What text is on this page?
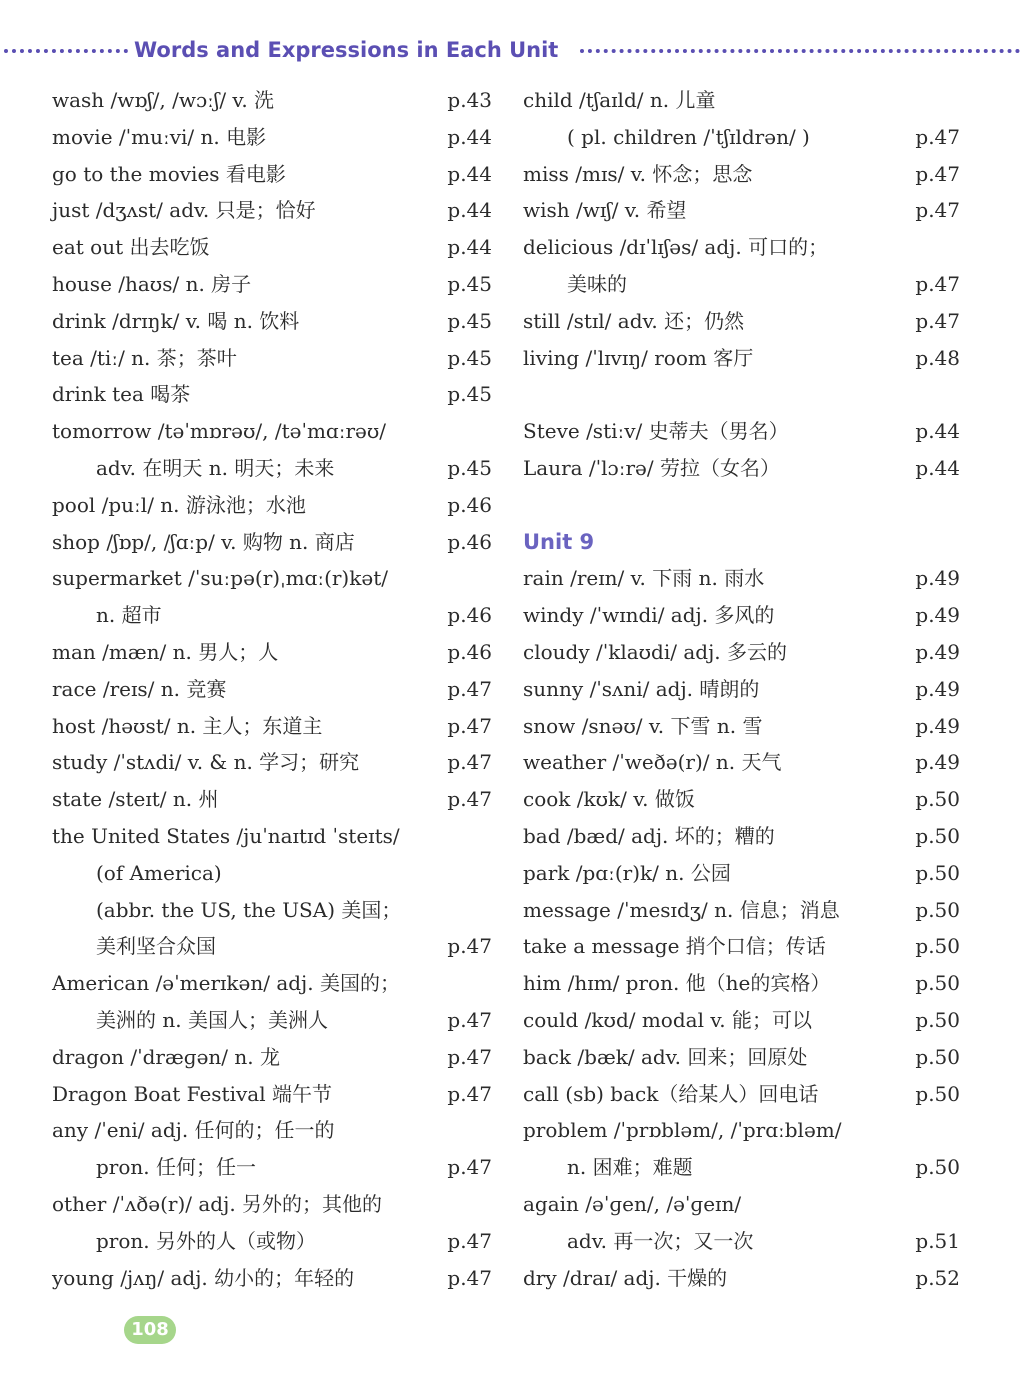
Words and Expressions in Each Unit
wash /wɒʃ/, /wɔːʃ/ v. 洗	p.43
movie /ˈmuːvi/ n. 电影	p.44
go to the movies 看电影	p.44
just /dʒʌst/ adv. 只是；恰好	p.44
eat out 出去吃饭	p.44
house /haʊs/ n. 房子	p.45
drink /drɪŋk/ v. 喝 n. 饮料	p.45
tea /tiː/ n. 茶；茶叶	p.45
drink tea 喝茶	p.45
tomorrow /təˈmɒrəʊ/, /təˈmɑːrəʊ/
adv. 在明天 n. 明天；未来	p.45
pool /puːl/ n. 游泳池；水池	p.46
shop /ʃɒp/, /ʃɑːp/ v. 购物 n. 商店	p.46
supermarket /ˈsuːpə(r)ˌmɑː(r)kət/
n. 超市	p.46
man /mæn/ n. 男人；人	p.46
race /reɪs/ n. 竞赛	p.47
host /həʊst/ n. 主人；东道主	p.47
study /ˈstʌdi/ v. & n. 学习；研究	p.47
state /steɪt/ n. 州	p.47
the United States /juˈnaɪtɪd ˈsteɪts/
(of America)
(abbr. the US, the USA) 美国；
美利坚合众国	p.47
American /əˈmerɪkən/ adj. 美国的；
美洲的 n. 美国人；美洲人	p.47
dragon /ˈdræɡən/ n. 龙	p.47
Dragon Boat Festival 端午节	p.47
any /ˈeni/ adj. 任何的；任一的
pron. 任何；任一	p.47
other /ˈʌðə(r)/ adj. 另外的；其他的
pron. 另外的人（或物）	p.47
young /jʌŋ/ adj. 幼小的；年轻的	p.47
child /tʃaɪld/ n. 儿童
( pl. children /ˈtʃɪldrən/ )	p.47
miss /mɪs/ v. 怀念；思念	p.47
wish /wɪʃ/ v. 希望	p.47
delicious /dɪˈlɪʃəs/ adj. 可口的；
美味的	p.47
still /stɪl/ adv. 还；仍然	p.47
living /ˈlɪvɪŋ/ room 客厅	p.48
Steve /stiːv/ 史蒂夫（男名）	p.44
Laura /ˈlɔːrə/ 劳拉（女名）	p.44
Unit 9
rain /reɪn/ v. 下雨 n. 雨水	p.49
windy /ˈwɪndi/ adj. 多风的	p.49
cloudy /ˈklaʊdi/ adj. 多云的	p.49
sunny /ˈsʌni/ adj. 晴朗的	p.49
snow /snəʊ/ v. 下雪 n. 雪	p.49
weather /ˈweðə(r)/ n. 天气	p.49
cook /kʊk/ v. 做饭	p.50
bad /bæd/ adj. 坏的；糟的	p.50
park /pɑː(r)k/ n. 公园	p.50
message /ˈmesɪdʒ/ n. 信息；消息	p.50
take a message 捎个口信；传话	p.50
him /hɪm/ pron. 他（he的宾格）	p.50
could /kʊd/ modal v. 能；可以	p.50
back /bæk/ adv. 回来；回原处	p.50
call (sb) back（给某人）回电话	p.50
problem /ˈprɒbləm/, /ˈprɑːbləm/
n. 困难；难题	p.50
again /əˈɡen/, /əˈɡeɪn/
adv. 再一次；又一次	p.51
dry /draɪ/ adj. 干燥的	p.52
108
